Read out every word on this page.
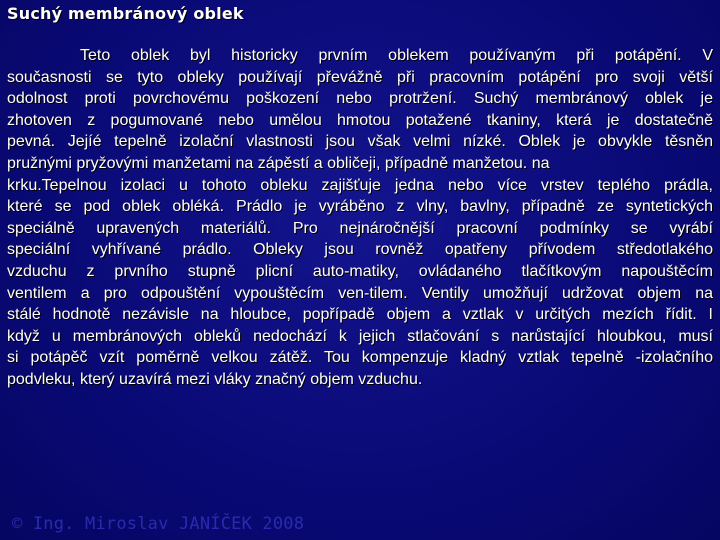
Suchý membránový oblek
Teto oblek byl historicky prvním oblekem používaným při potápění. V
současnosti se tyto obleky používají převážně při pracovním potápění pro svoji větší
odolnost proti povrchovému poškození nebo protržení. Suchý membránový oblek je
zhotoven z pogumované nebo umělou hmotou potažené tkaniny, která je dostatečně
pevná. Jejíé tepelně izolační vlastnosti jsou však velmi nízké. Oblek je obvykle těsněn
pružnými pryžovými manžetami na zápěstí a obličeji, případně manžetou. na
krku.Tepelnou izolaci u tohoto obleku zajišťuje jedna nebo více vrstev teplého prádla,
které se pod oblek obléká. Prádlo je vyráběno z vlny, bavlny, případně ze syntetických
speciálně upravených materiálů. Pro nejnáročnější pracovní podmínky se vyrábí
speciální vyhřívané prádlo. Obleky jsou rovněž opatřeny přívodem středotlakého
vzduchu z prvního stupně plicní auto-matiky, ovládaného tlačítkovým napouštěcím
ventilem a pro odpouštění vypouštěcím ven-tilem. Ventily umožňují udržovat objem na
stálé hodnotě nezávisle na hloubce, popřípadě objem a vztlak v určitých mezích řídit. I
když u membránových obleků nedochází k jejich stlačování s narůstající hloubkou, musí
si potápěč vzít poměrně velkou zátěž. Tou kompenzuje kladný vztlak tepelně -izolačního
podvleku, který uzavírá mezi vláky značný objem vzduchu.
© Ing. Miroslav JANÍČEK 2008
